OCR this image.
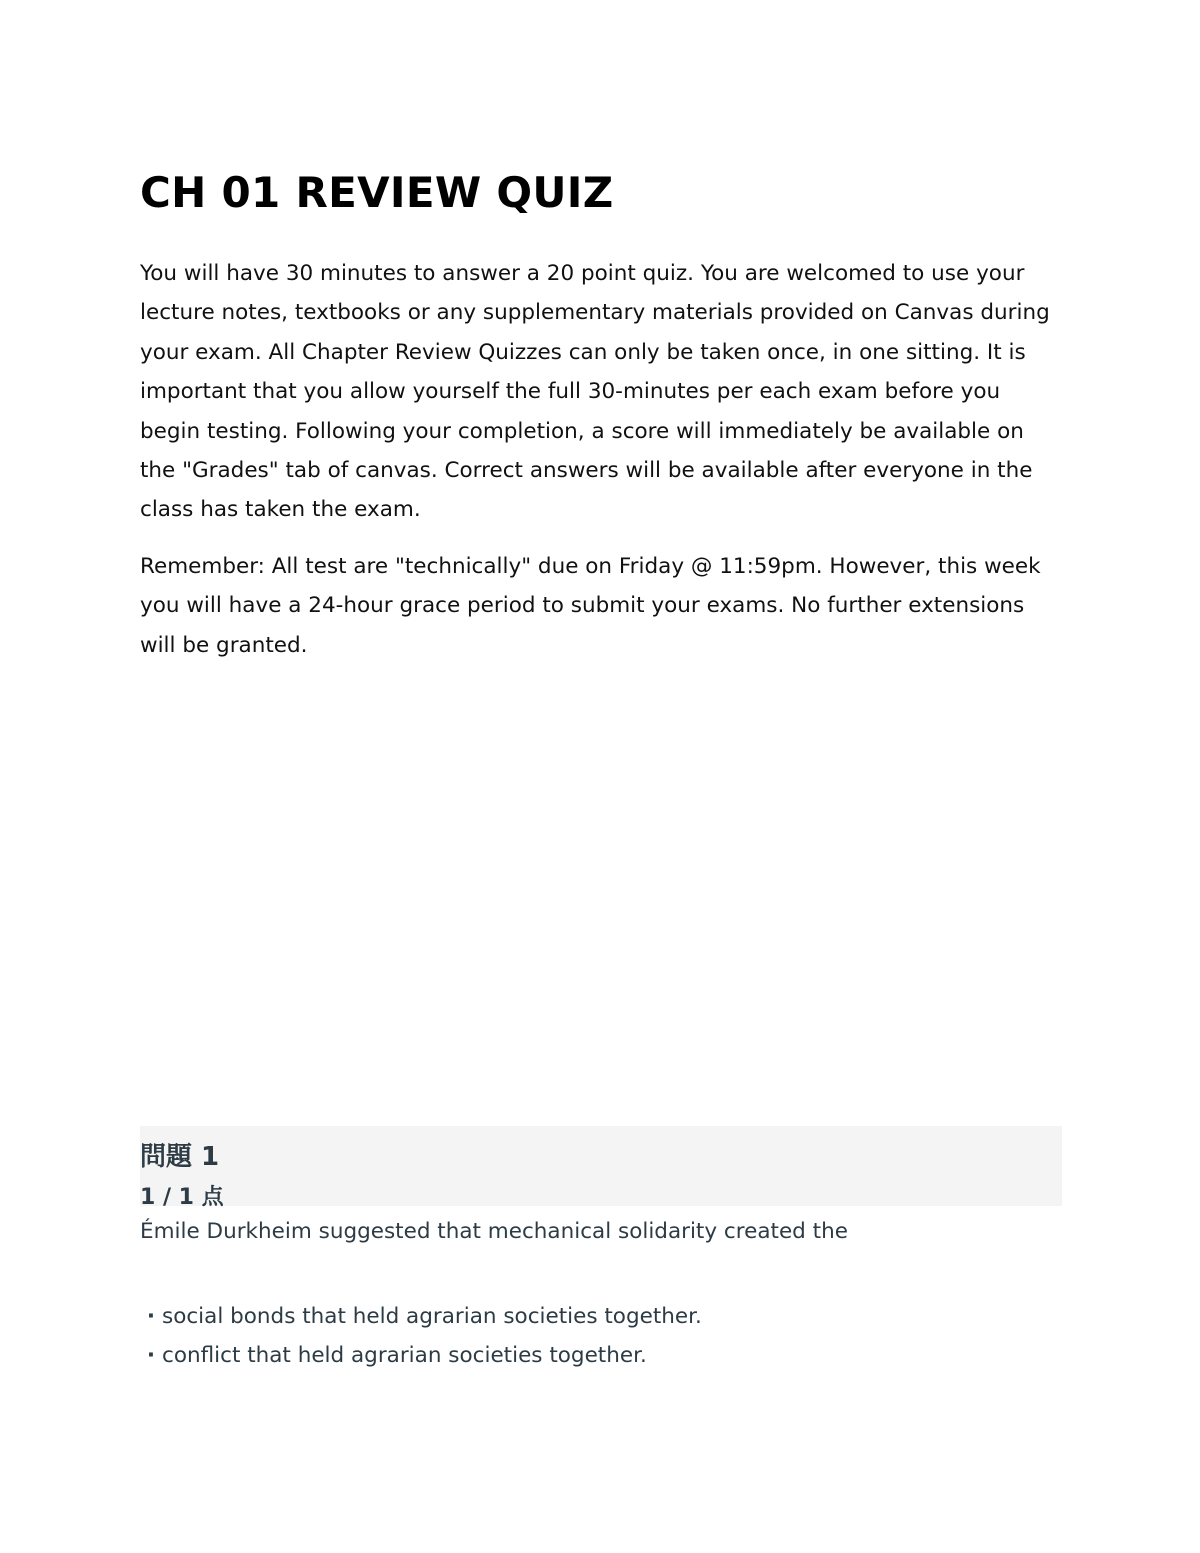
CH 01 REVIEW QUIZ

You will have 30 minutes to answer a 20 point quiz. You are welcomed to use your lecture notes, textbooks or any supplementary materials provided on Canvas during your exam. All Chapter Review Quizzes can only be taken once, in one sitting. It is important that you allow yourself the full 30-minutes per each exam before you begin testing. Following your completion, a score will immediately be available on the "Grades" tab of canvas. Correct answers will be available after everyone in the class has taken the exam.

Remember: All test are "technically" due on Friday @ 11:59pm. However, this week you will have a 24-hour grace period to submit your exams. No further extensions will be granted.

問題 1
1 / 1 点
Émile Durkheim suggested that mechanical solidarity created the
· social bonds that held agrarian societies together.
· conflict that held agrarian societies together.
